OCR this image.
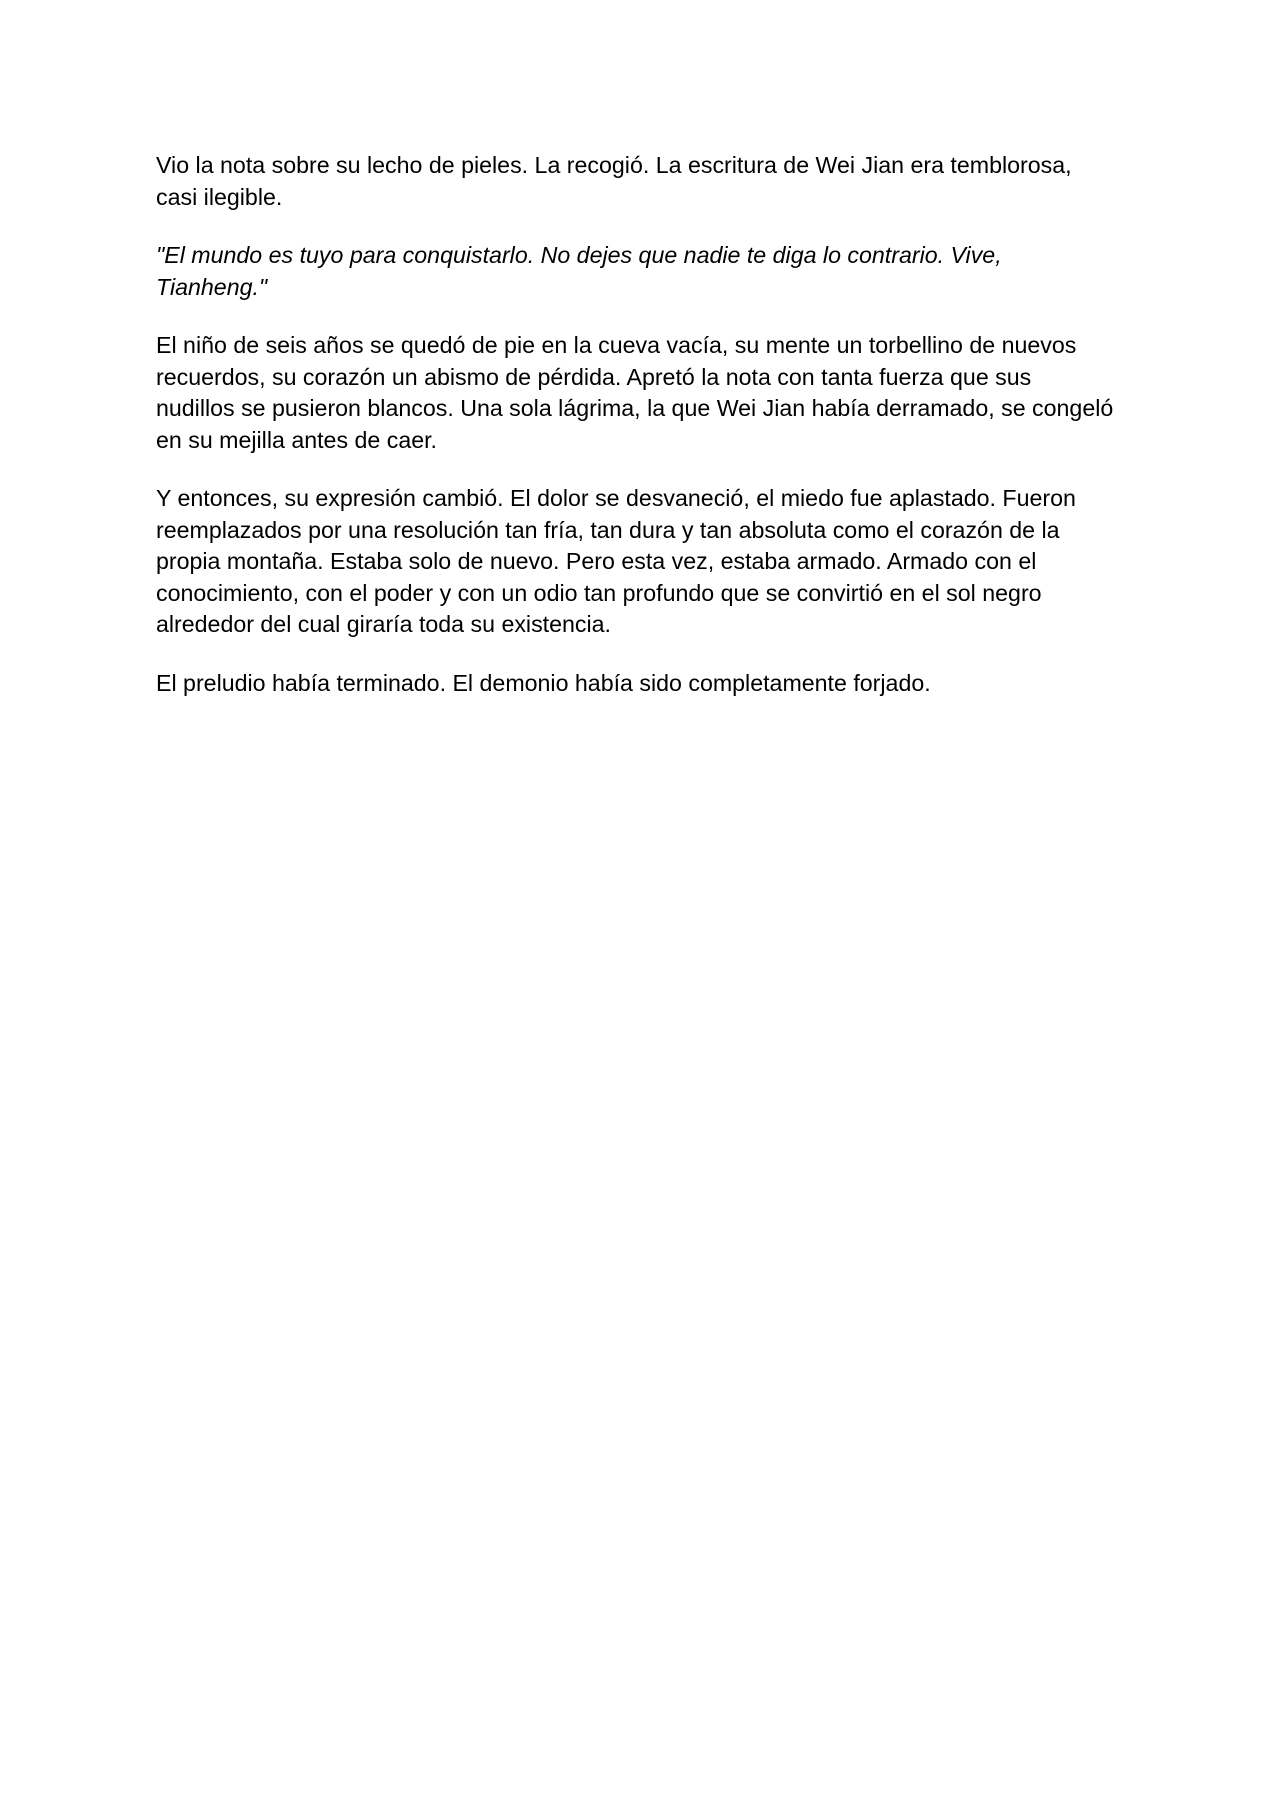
Vio la nota sobre su lecho de pieles. La recogió. La escritura de Wei Jian era temblorosa, casi ilegible.

"El mundo es tuyo para conquistarlo. No dejes que nadie te diga lo contrario. Vive, Tianheng."

El niño de seis años se quedó de pie en la cueva vacía, su mente un torbellino de nuevos recuerdos, su corazón un abismo de pérdida. Apretó la nota con tanta fuerza que sus nudillos se pusieron blancos. Una sola lágrima, la que Wei Jian había derramado, se congeló en su mejilla antes de caer.

Y entonces, su expresión cambió. El dolor se desvaneció, el miedo fue aplastado. Fueron reemplazados por una resolución tan fría, tan dura y tan absoluta como el corazón de la propia montaña. Estaba solo de nuevo. Pero esta vez, estaba armado. Armado con el conocimiento, con el poder y con un odio tan profundo que se convirtió en el sol negro alrededor del cual giraría toda su existencia.

El preludio había terminado. El demonio había sido completamente forjado.
